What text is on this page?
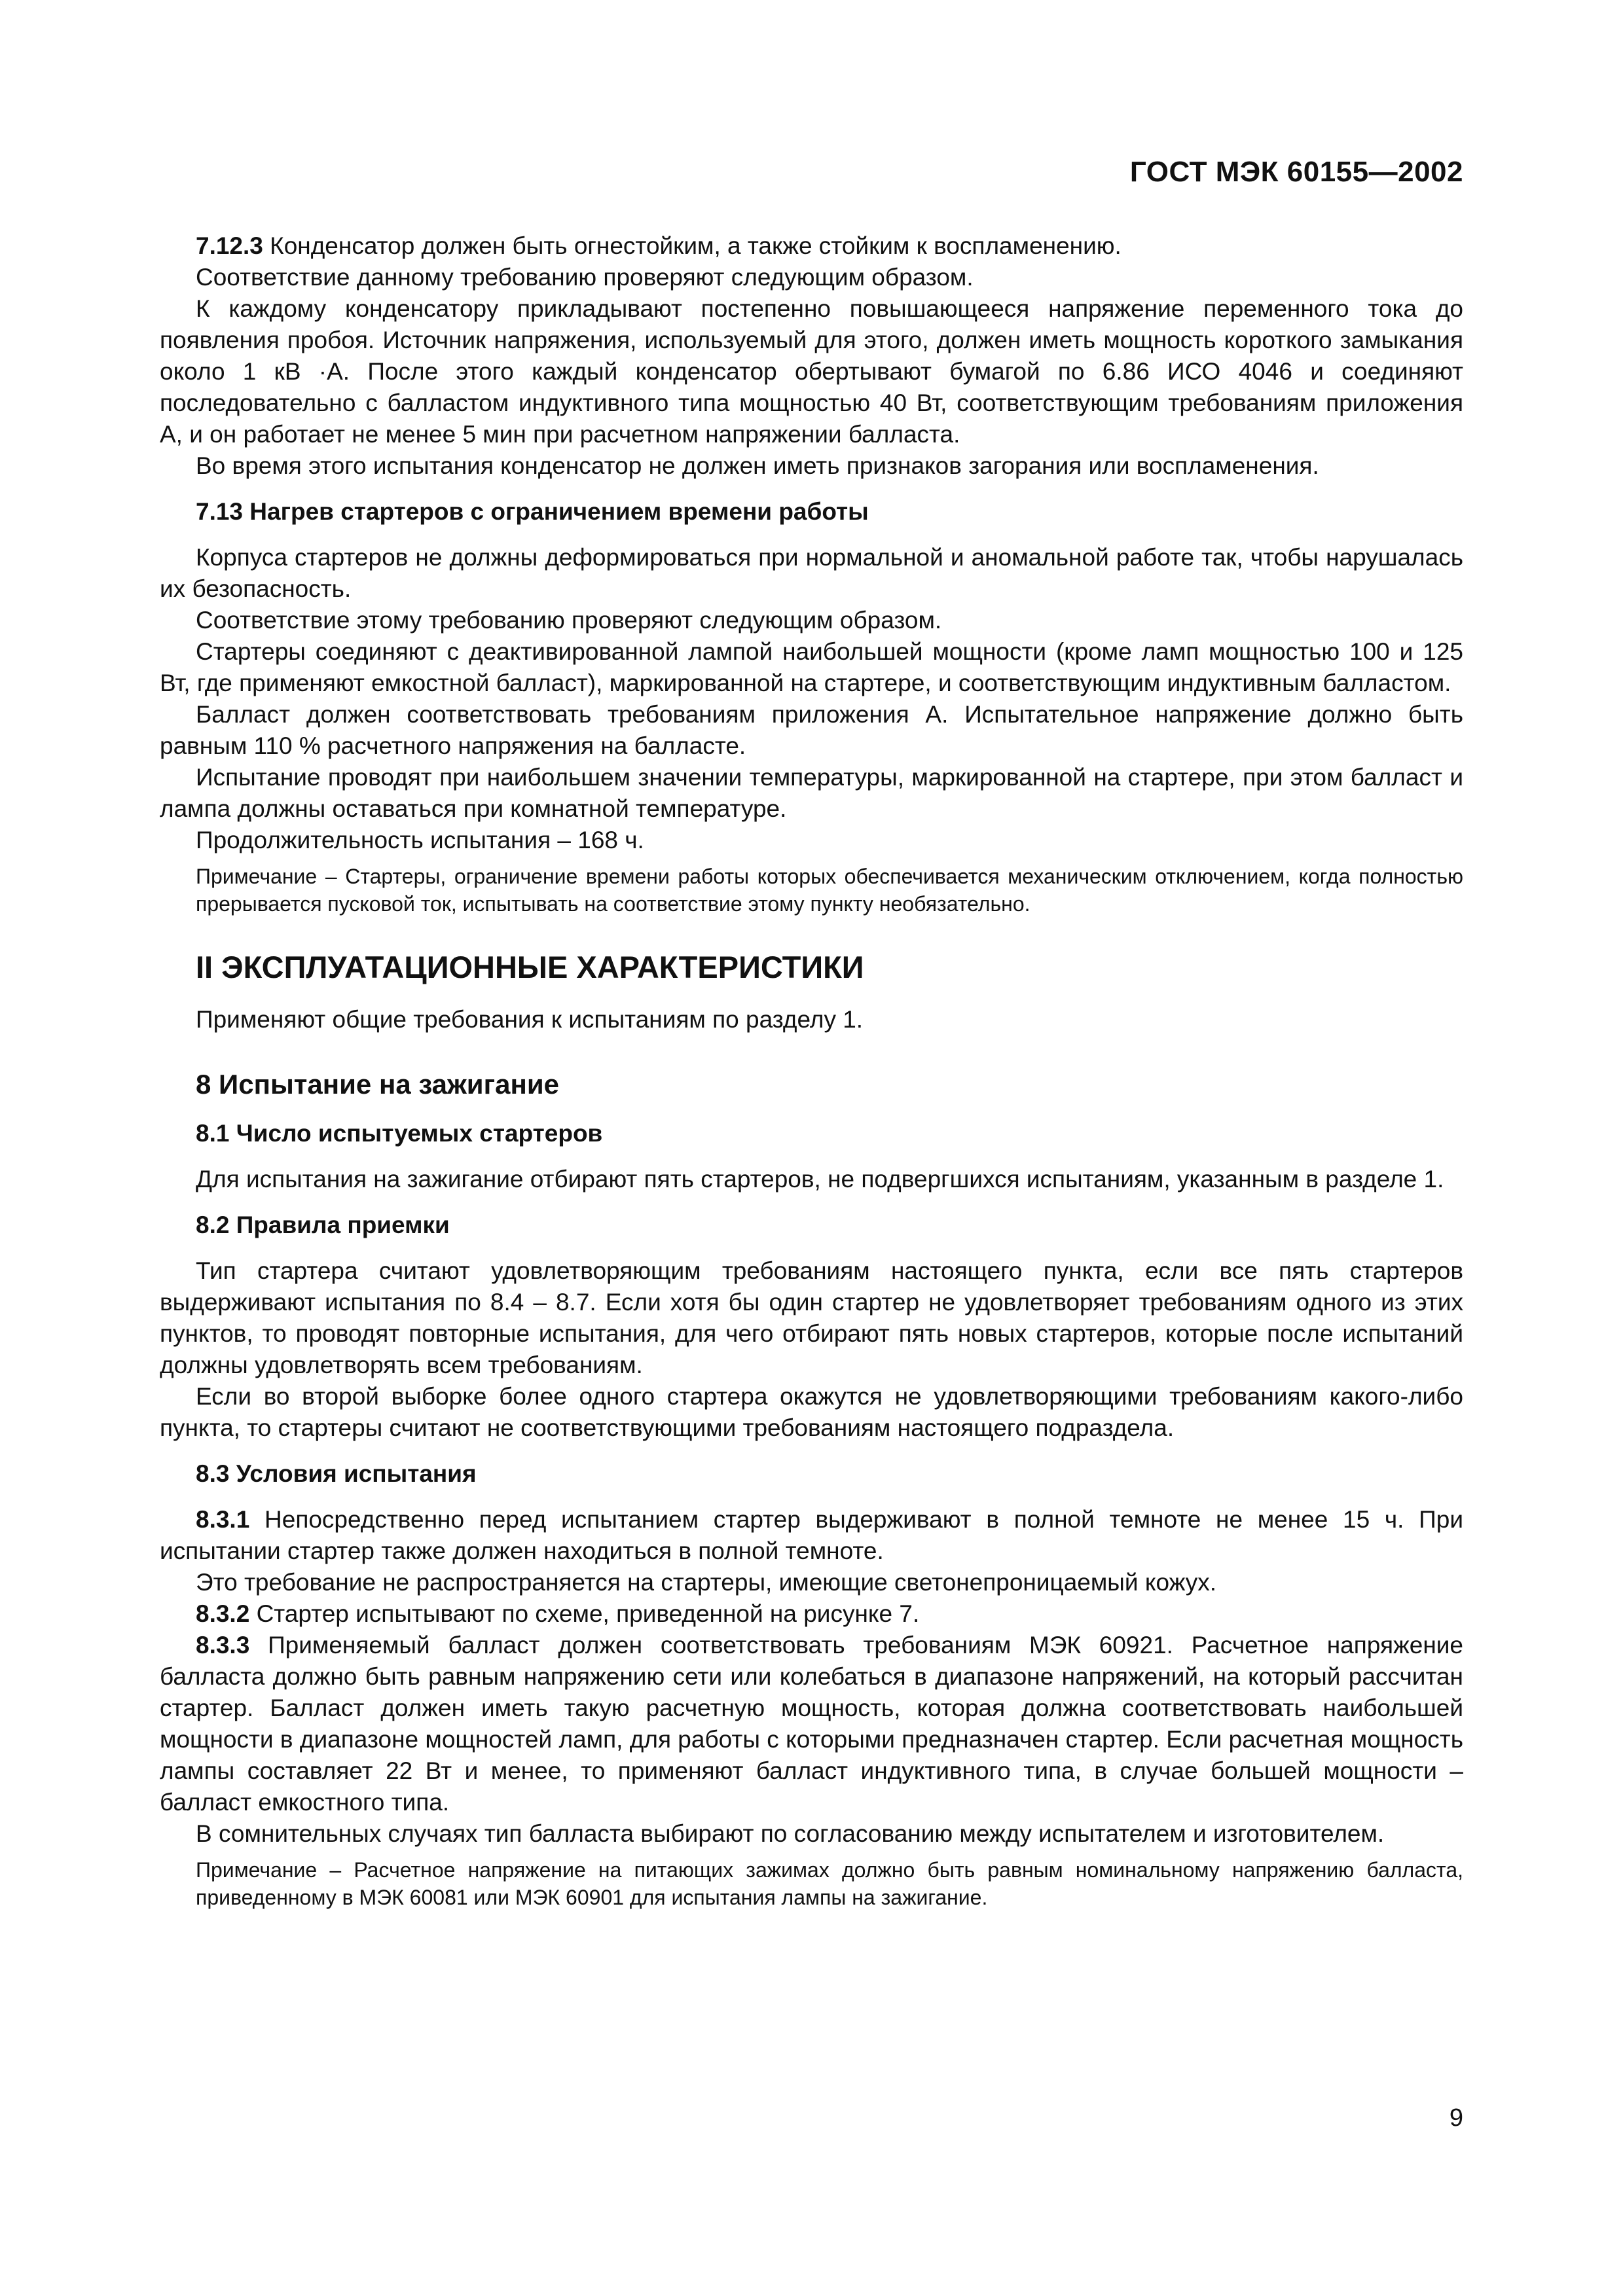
ГОСТ МЭК 60155—2002

7.12.3 Конденсатор должен быть огнестойким, а также стойким к воспламенению.

Соответствие данному требованию проверяют следующим образом.

К каждому конденсатору прикладывают постепенно повышающееся напряжение переменного тока до появления пробоя. Источник напряжения, используемый для этого, должен иметь мощность короткого замыкания около 1 кВ ·А. После этого каждый конденсатор обертывают бумагой по 6.86 ИСО 4046 и соединяют последовательно с балластом индуктивного типа мощностью 40 Вт, соответствующим требованиям приложения А, и он работает не менее 5 мин при расчетном напряжении балласта.

Во время этого испытания конденсатор не должен иметь признаков загорания или воспламенения.

7.13 Нагрев стартеров с ограничением времени работы

Корпуса стартеров не должны деформироваться при нормальной и аномальной работе так, чтобы нарушалась их безопасность.

Соответствие этому требованию проверяют следующим образом.

Стартеры соединяют с деактивированной лампой наибольшей мощности (кроме ламп мощностью 100 и 125 Вт, где применяют емкостной балласт), маркированной на стартере, и соответствующим индуктивным балластом.

Балласт должен соответствовать требованиям приложения А. Испытательное напряжение должно быть равным 110 % расчетного напряжения на балласте.

Испытание проводят при наибольшем значении температуры, маркированной на стартере, при этом балласт и лампа должны оставаться при комнатной температуре.

Продолжительность испытания – 168 ч.

Примечание – Стартеры, ограничение времени работы которых обеспечивается механическим отключением, когда полностью прерывается пусковой ток, испытывать на соответствие этому пункту необязательно.
II ЭКСПЛУАТАЦИОННЫЕ ХАРАКТЕРИСТИКИ

Применяют общие требования к испытаниям по разделу 1.

8 Испытание на зажигание
8.1 Число испытуемых стартеров

Для испытания на зажигание отбирают пять стартеров, не подвергшихся испытаниям, указанным в разделе 1.

8.2 Правила приемки

Тип стартера считают удовлетворяющим требованиям настоящего пункта, если все пять стартеров выдерживают испытания по 8.4 – 8.7. Если хотя бы один стартер не удовлетворяет требованиям одного из этих пунктов, то проводят повторные испытания, для чего отбирают пять новых стартеров, которые после испытаний должны удовлетворять всем требованиям.

Если во второй выборке более одного стартера окажутся не удовлетворяющими требованиям какого-либо пункта, то стартеры считают не соответствующими требованиям настоящего подраздела.

8.3 Условия испытания

8.3.1 Непосредственно перед испытанием стартер выдерживают в полной темноте не менее 15 ч. При испытании стартер также должен находиться в полной темноте.

Это требование не распространяется на стартеры, имеющие светонепроницаемый кожух.

8.3.2 Стартер испытывают по схеме, приведенной на рисунке 7.

8.3.3 Применяемый балласт должен соответствовать требованиям МЭК 60921. Расчетное напряжение балласта должно быть равным напряжению сети или колебаться в диапазоне напряжений, на который рассчитан стартер. Балласт должен иметь такую расчетную мощность, которая должна соответствовать наибольшей мощности в диапазоне мощностей ламп, для работы с которыми предназначен стартер. Если расчетная мощность лампы составляет 22 Вт и менее, то применяют балласт индуктивного типа, в случае большей мощности – балласт емкостного типа.

В сомнительных случаях тип балласта выбирают по согласованию между испытателем и изготовителем.

Примечание – Расчетное напряжение на питающих зажимах должно быть равным номинальному напряжению балласта, приведенному в МЭК 60081 или МЭК 60901 для испытания лампы на зажигание.
9
